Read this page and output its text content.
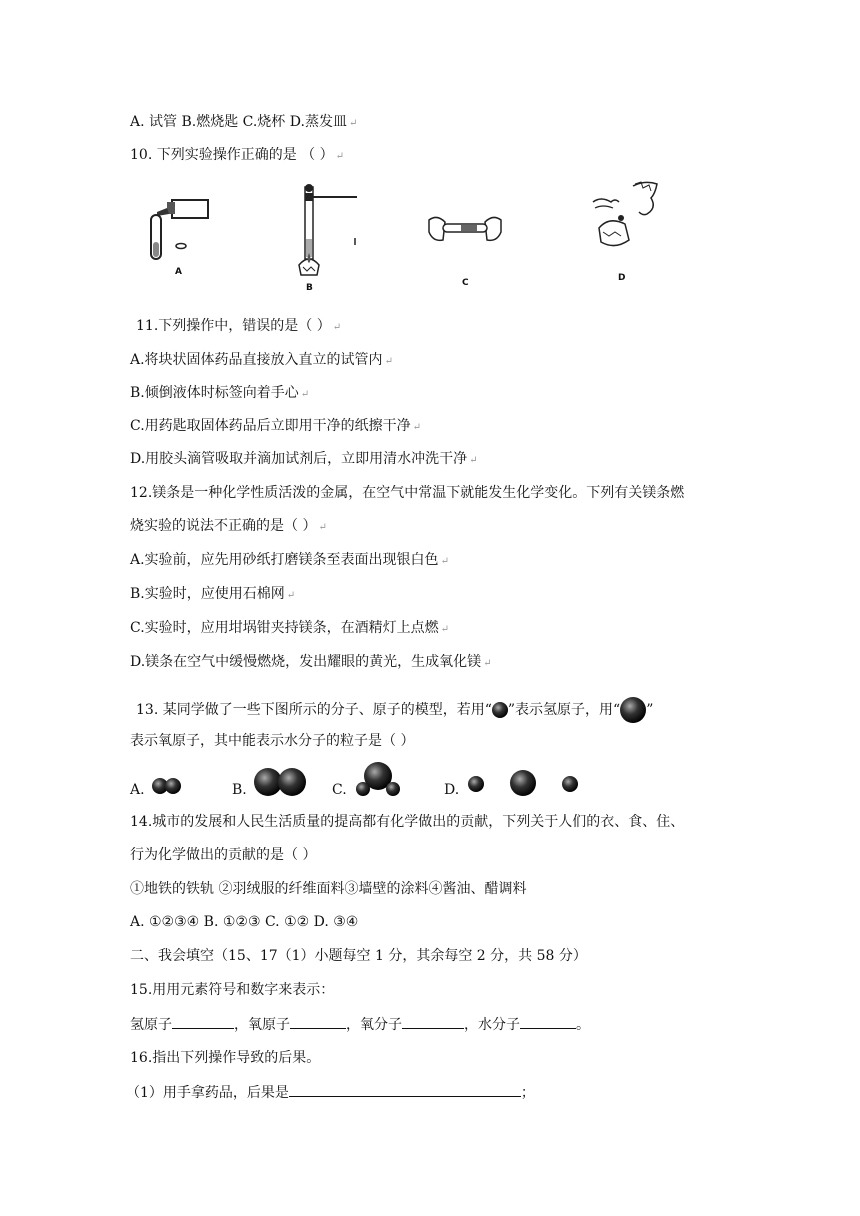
A. 试管 B.燃烧匙 C.烧杯 D.蒸发皿 ↵
10. 下列实验操作正确的是 （ ） ↵
A
B	C	D
11.下列操作中，错误的是（ ） ↵
A.将块状固体药品直接放入直立的试管内 ↵
B.倾倒液体时标签向着手心 ↵
C.用药匙取固体药品后立即用干净的纸擦干净 ↵
D.用胶头滴管吸取并滴加试剂后，立即用清水冲洗干净 ↵
12.镁条是一种化学性质活泼的金属，在空气中常温下就能发生化学变化。下列有关镁条燃
烧实验的说法不正确的是（ ） ↵
A.实验前，应先用砂纸打磨镁条至表面出现银白色 ↵
B.实验时，应使用石棉网 ↵
C.实验时，应用坩埚钳夹持镁条，在酒精灯上点燃 ↵
D.镁条在空气中缓慢燃烧，发出耀眼的黄光，生成氧化镁 ↵
13. 某同学做了一些下图所示的分子、原子的模型，若用“ ”表示氢原子，用“ ”
表示氧原子，其中能表示水分子的粒子是（ ）
A.	B.	C.	D.
14.城市的发展和人民生活质量的提高都有化学做出的贡献，下列关于人们的衣、食、住、
行为化学做出的贡献的是（ ）
①地铁的铁轨 ②羽绒服的纤维面料③墙壁的涂料④酱油、醋调料
A. ①②③④ B. ①②③ C. ①② D. ③④
二、我会填空（15、17（1）小题每空 1 分，其余每空 2 分，共 58 分）
15.用用元素符号和数字来表示：
氢原子	，氧原子	，氧分子	，水分子	。
16.指出下列操作导致的后果。
（1）用手拿药品，后果是	；
